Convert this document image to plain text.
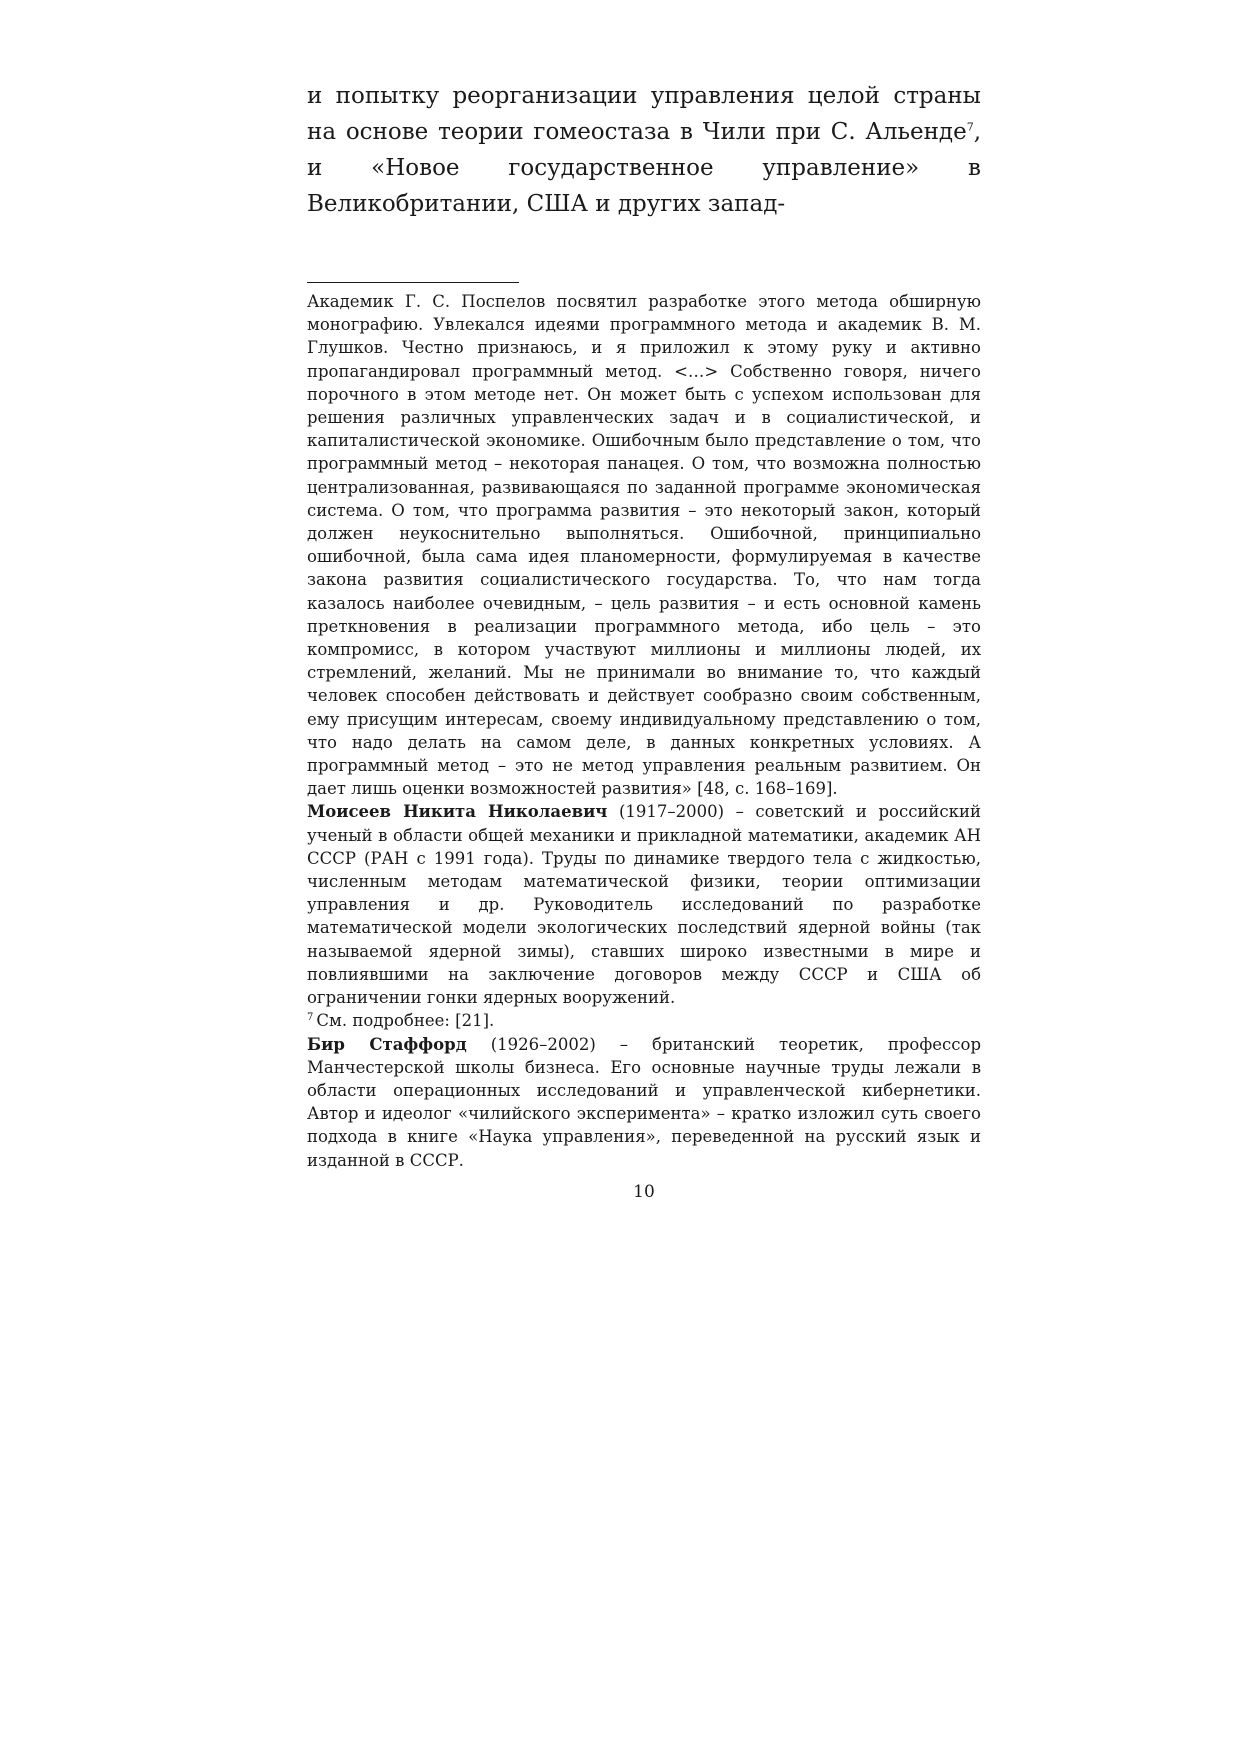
и попытку реорганизации управления целой страны на основе теории гомеостаза в Чили при С. Альенде$^7$, и «Новое государственное управление» в Великобритании, США и других запад-

Академик Г. С. Поспелов посвятил разработке этого метода обширную монографию. Увлекался идеями программного метода и академик В. М. Глушков. Честно признаюсь, и я приложил к этому руку и активно пропагандировал программный метод. <…> Собственно говоря, ничего порочного в этом методе нет. Он может быть с успехом использован для решения различных управленческих задач и в социалистической, и капиталистической экономике. Ошибочным было представление о том, что программный метод – некоторая панацея. О том, что возможна полностью централизованная, развивающаяся по заданной программе экономическая система. О том, что программа развития – это некоторый закон, который должен неукоснительно выполняться. Ошибочной, принципиально ошибочной, была сама идея планомерности, формулируемая в качестве закона развития социалистического государства. То, что нам тогда казалось наиболее очевидным, – цель развития – и есть основной камень преткновения в реализации программного метода, ибо цель – это компромисс, в котором участвуют миллионы и миллионы людей, их стремлений, желаний. Мы не принимали во внимание то, что каждый человек способен действовать и действует сообразно своим собственным, ему присущим интересам, своему индивидуальному представлению о том, что надо делать на самом деле, в данных конкретных условиях. А программный метод – это не метод управления реальным развитием. Он дает лишь оценки возможностей развития» [48, с. 168–169].

Моисеев Никита Николаевич (1917–2000) – советский и российский ученый в области общей механики и прикладной математики, академик АН СССР (РАН с 1991 года). Труды по динамике твердого тела с жидкостью, численным методам математической физики, теории оптимизации управления и др. Руководитель исследований по разработке математической модели экологических последствий ядерной войны (так называемой ядерной зимы), ставших широко известными в мире и повлиявшими на заключение договоров между СССР и США об ограничении гонки ядерных вооружений.

$^7$ См. подробнее: [21].

Бир Стаффорд (1926–2002) – британский теоретик, профессор Манчестерской школы бизнеса. Его основные научные труды лежали в области операционных исследований и управленческой кибернетики. Автор и идеолог «чилийского эксперимента» – кратко изложил суть своего подхода в книге «Наука управления», переведенной на русский язык и изданной в СССР.

10
